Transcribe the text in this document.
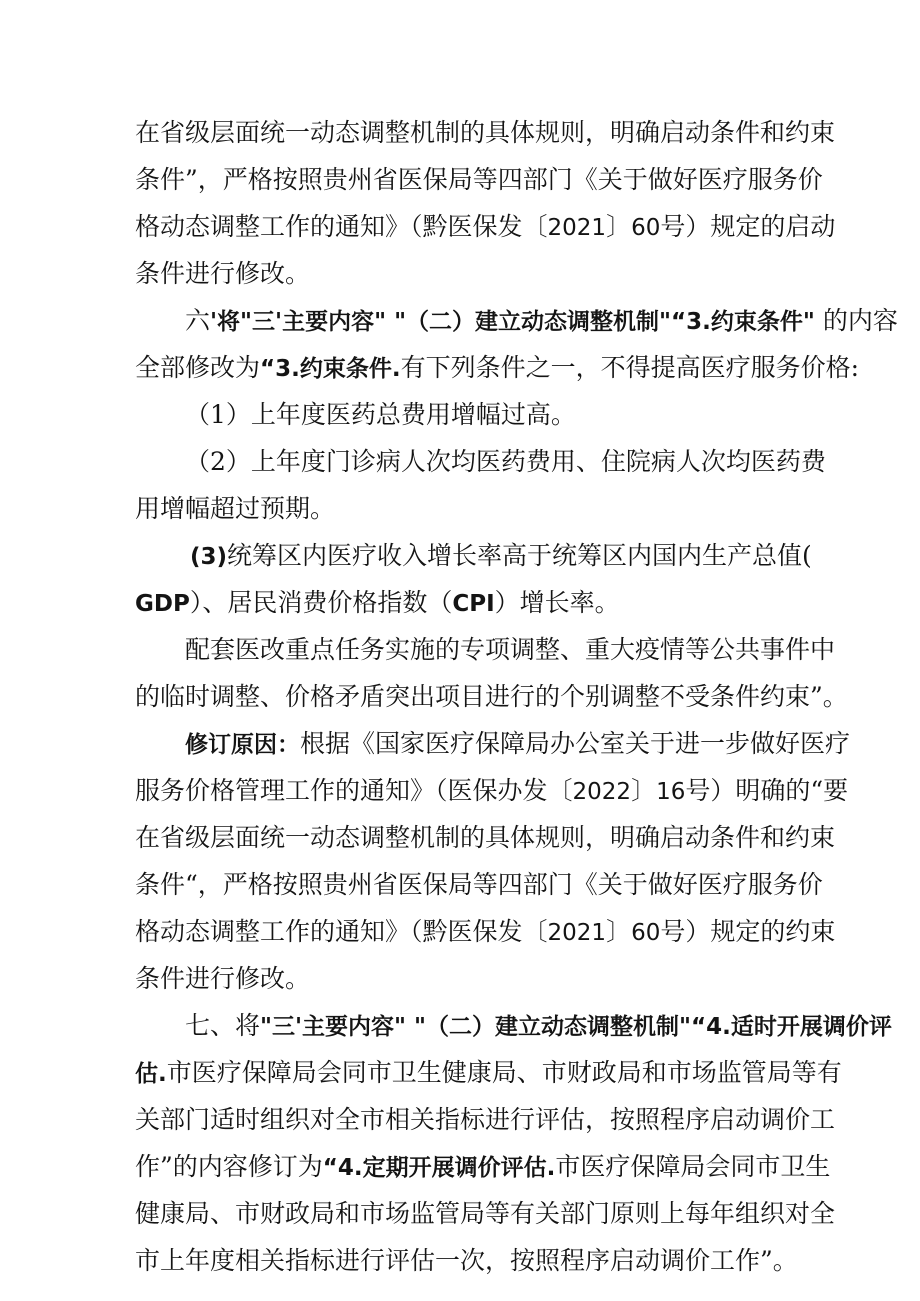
在省级层面统一动态调整机制的具体规则，明确启动条件和约束
条件”，严格按照贵州省医保局等四部门《关于做好医疗服务价
格动态调整工作的通知》（黔医保发〔2021〕60号）规定的启动
条件进行修改。
六'将"三'主要内容" "（二）建立动态调整机制"“3.约束条件" 的内容
全部修改为“3.约束条件.有下列条件之一，不得提高医疗服务价格:
（1）上年度医药总费用增幅过高。
（2）上年度门诊病人次均医药费用、住院病人次均医药费
用增幅超过预期。
(3)统筹区内医疗收入增长率高于统筹区内国内生产总值(
GDP）、居民消费价格指数（CPI）增长率。
配套医改重点任务实施的专项调整、重大疫情等公共事件中
的临时调整、价格矛盾突出项目进行的个别调整不受条件约束”。
修订原因：根据《国家医疗保障局办公室关于进一步做好医疗
服务价格管理工作的通知》（医保办发〔2022〕16号）明确的“要
在省级层面统一动态调整机制的具体规则，明确启动条件和约束
条件“，严格按照贵州省医保局等四部门《关于做好医疗服务价
格动态调整工作的通知》（黔医保发〔2021〕60号）规定的约束
条件进行修改。
七、将"三'主要内容" "（二）建立动态调整机制"“4.适时开展调价评
估.市医疗保障局会同市卫生健康局、市财政局和市场监管局等有
关部门适时组织对全市相关指标进行评估，按照程序启动调价工
作”的内容修订为“4.定期开展调价评估.市医疗保障局会同市卫生
健康局、市财政局和市场监管局等有关部门原则上每年组织对全
市上年度相关指标进行评估一次，按照程序启动调价工作”。
